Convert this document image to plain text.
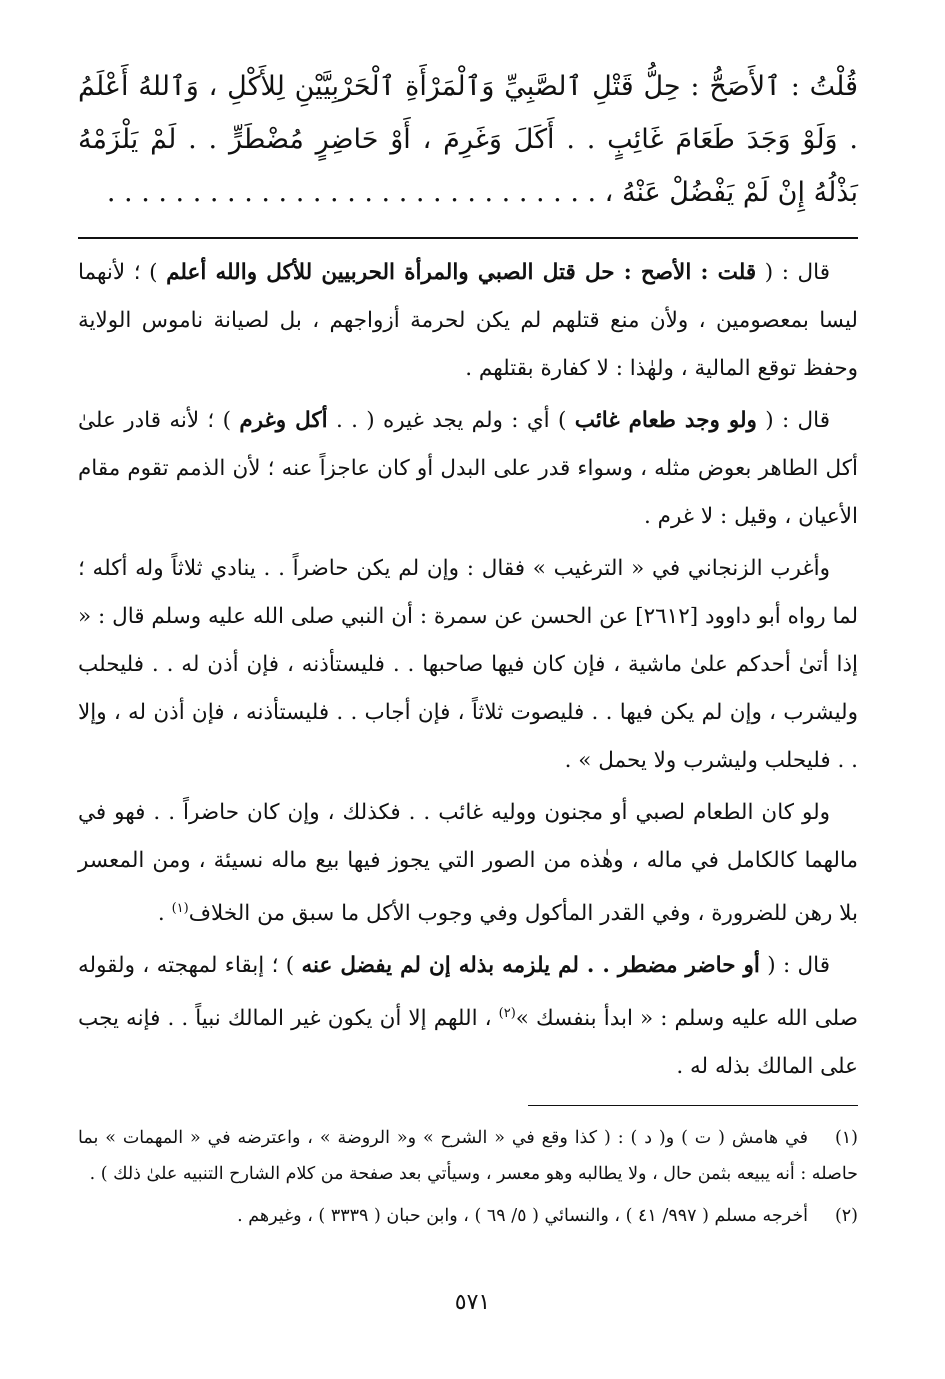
قُلْتُ : ٱلأَصَحُّ : حِلُّ قَتْلِ ٱلصَّبِيِّ وَٱلْمَرْأَةِ ٱلْحَرْبِيَّيْنِ لِلأَكْلِ ، وَٱللهُ أَعْلَمُ . وَلَوْ وَجَدَ طَعَامَ غَائِبٍ . . أَكَلَ وَغَرِمَ ، أَوْ حَاضِرٍ مُضْطَرٍّ . . لَمْ يَلْزَمْهُ بَذْلُهُ إِنْ لَمْ يَفْضُلْ عَنْهُ ، . . . . . . . . . . . . . . . . . . . . . . . . . . . . .

قال : ( قلت : الأصح : حل قتل الصبي والمرأة الحربيين للأكل والله أعلم ) ؛ لأنهما ليسا بمعصومين ، ولأن منع قتلهم لم يكن لحرمة أزواجهم ، بل لصيانة ناموس الولاية وحفظ توقع المالية ، ولهٰذا : لا كفارة بقتلهم .

قال : ( ولو وجد طعام غائب ) أي : ولم يجد غيره ( . . أكل وغرم ) ؛ لأنه قادر علىٰ أكل الطاهر بعوض مثله ، وسواء قدر على البدل أو كان عاجزاً عنه ؛ لأن الذمم تقوم مقام الأعيان ، وقيل : لا غرم .

وأغرب الزنجاني في « الترغيب » فقال : وإن لم يكن حاضراً . . ينادي ثلاثاً وله أكله ؛ لما رواه أبو داوود [٢٦١٢] عن الحسن عن سمرة : أن النبي صلى الله عليه وسلم قال : « إذا أتىٰ أحدكم علىٰ ماشية ، فإن كان فيها صاحبها . . فليستأذنه ، فإن أذن له . . فليحلب وليشرب ، وإن لم يكن فيها . . فليصوت ثلاثاً ، فإن أجاب . . فليستأذنه ، فإن أذن له ، وإلا . . فليحلب وليشرب ولا يحمل » .

ولو كان الطعام لصبي أو مجنون ووليه غائب . . فكذلك ، وإن كان حاضراً . . فهو في مالهما كالكامل في ماله ، وهٰذه من الصور التي يجوز فيها بيع ماله نسيئة ، ومن المعسر بلا رهن للضرورة ، وفي القدر المأكول وفي وجوب الأكل ما سبق من الخلاف$^{(١)}$ .

قال : ( أو حاضر مضطر . . لم يلزمه بذله إن لم يفضل عنه ) ؛ إبقاء لمهجته ، ولقوله صلى الله عليه وسلم : « ابدأ بنفسك »$^{(٢)}$ ، اللهم إلا أن يكون غير المالك نبياً . . فإنه يجب على المالك بذله له .

(١)في هامش ( ت ) و( د ) : ( كذا وقع في « الشرح » و« الروضة » ، واعترضه في « المهمات » بما حاصله : أنه يبيعه بثمن حال ، ولا يطالبه وهو معسر ، وسيأتي بعد صفحة من كلام الشارح التنبيه علىٰ ذلك ) .

(٢)أخرجه مسلم ( ٩٩٧/ ٤١ ) ، والنسائي ( ٥/ ٦٩ ) ، وابن حبان ( ٣٣٣٩ ) ، وغيرهم .

٥٧١
